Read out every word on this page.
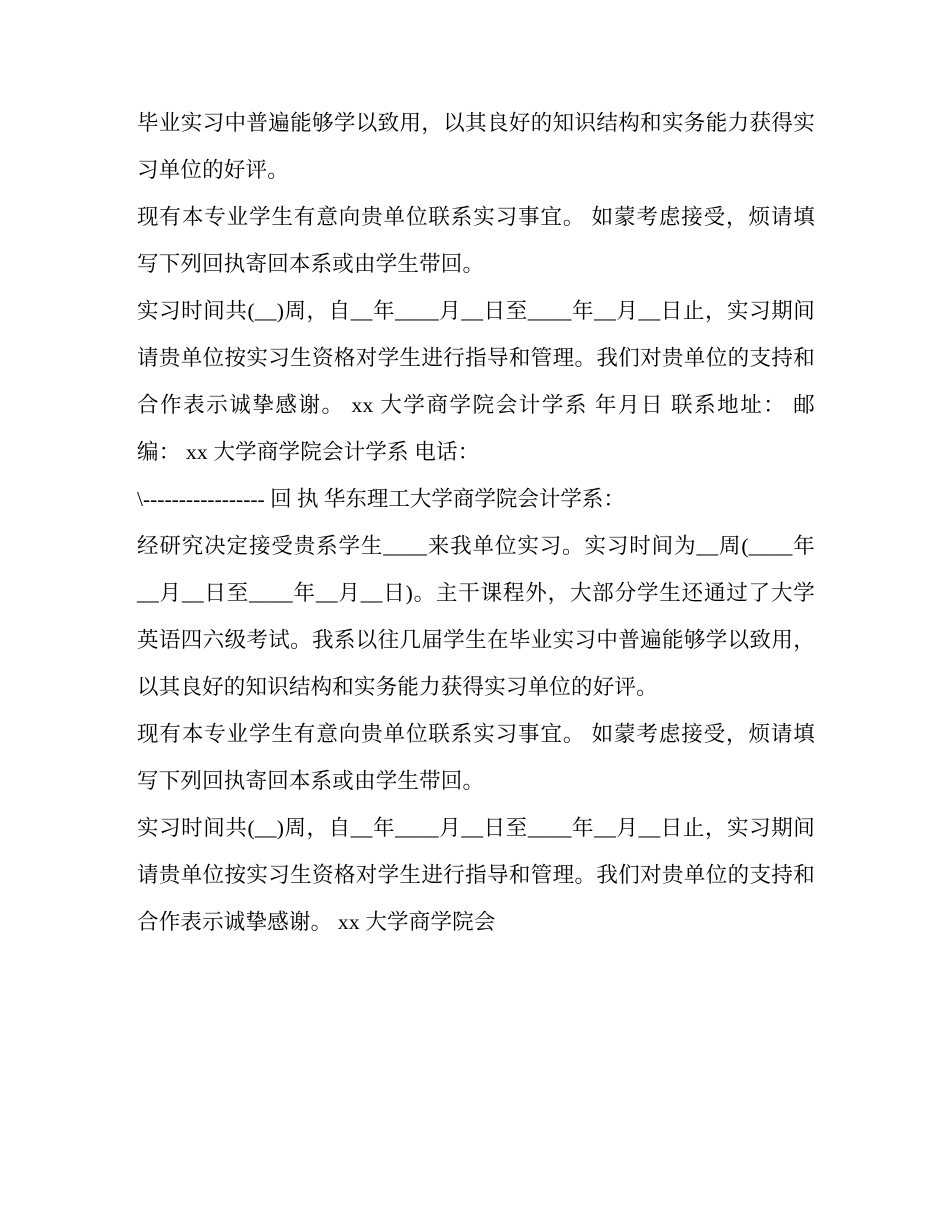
毕业实习中普遍能够学以致用，以其良好的知识结构和实务能力获得实习单位的好评。

现有本专业学生有意向贵单位联系实习事宜。 如蒙考虑接受，烦请填写下列回执寄回本系或由学生带回。

实习时间共(__)周，自__年____月__日至____年__月__日止，实习期间请贵单位按实习生资格对学生进行指导和管理。我们对贵单位的支持和合作表示诚挚感谢。 xx 大学商学院会计学系 年月日 联系地址： 邮编： xx 大学商学院会计学系 电话：

\----------------- 回 执 华东理工大学商学院会计学系：

经研究决定接受贵系学生____来我单位实习。实习时间为__周(____年__月__日至____年__月__日)。主干课程外，大部分学生还通过了大学英语四六级考试。我系以往几届学生在毕业实习中普遍能够学以致用，以其良好的知识结构和实务能力获得实习单位的好评。

现有本专业学生有意向贵单位联系实习事宜。 如蒙考虑接受，烦请填写下列回执寄回本系或由学生带回。

实习时间共(__)周，自__年____月__日至____年__月__日止，实习期间请贵单位按实习生资格对学生进行指导和管理。我们对贵单位的支持和合作表示诚挚感谢。 xx 大学商学院会
